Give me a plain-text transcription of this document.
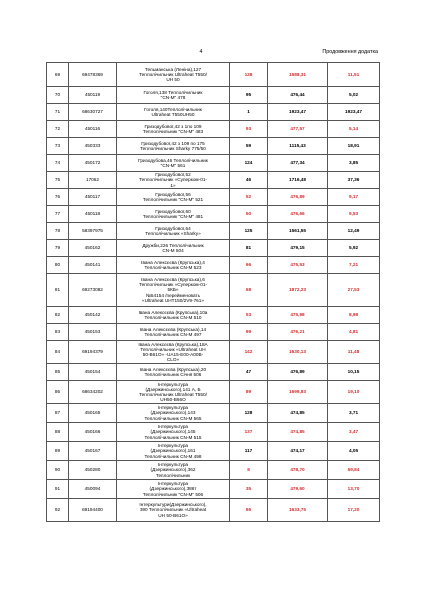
4	Продовження додатка
69	69478369	Тельманська (Леніна),127
Теплолічильник Ultraheat T550/
UH 50	138	1588,31	11,51
70	450119	Гоголя,138 Теплолічильник
"CN-M" 478	95	476,44	5,02
71	68630727	Гоголя,140Теплолічильник
Ultraheat T550UH50	1	1923,47	1923,47
72	450116	Гризодубової,42 з 1по 109
Теплолічильник "CN-M" 483	93	477,57	5,14
73	450333	Гризодубової,42 з 109 по 175
Теплолічильник Sharky 775/50	59	1115,43	18,91
74	450172	Гризодубова,46 Теплолічильник
"CN-M" 561	124	477,34	3,85
75	17062	Гризодубової,52
Теплолічильник «Суперком-01-
1»	46	1716,48	37,36
76	450117	Гризодубової,56
Теплолічильник "CN-M" 521	52	476,89	9,17
77	450118	Гризодубової,60
Теплолічильник "CN-M" 481	50	476,66	9,53
78	58397975	Гризодубової,64
Теплолічильник «Sharky»	125	1561,55	12,49
79	450162	Дружби,226 Теплолічильник
CN-M 504	81	479,15	5,92
80	450141	Івана Алексєєва (Крупська),4
Теплолічильник CN-M 523	66	475,53	7,21
81	69273082	Івана Алексєєва (Крупська),6
Теплолічильник «Суперком-01-
5КБ»
№54154 /перейменовать
«Ultraheat UHT150/2V9-761»	68	1872,23	27,53
82	450142	Івана Алексєєва (Крупська),10а
Теплолічильник CN-M 510	53	475,98	8,98
83	450153	Івана Алексєєва (Крупська),14
Теплолічильник CN-M 497	99	476,21	4,81
84	69194379	Івана Алексєєва (Крупська),18А
Теплолічильник «Ultraheat UH
50-B61O» -UA15-E00-A00B-
CLO»	142	1630,13	11,48
85	450154	Івана Алексєєва (Крупська),20
Теплолічильник Січня 506	47	476,89	10,15
86	68634202	Інтеркультура
(Дзержинського),141 А, Б
Теплолічильник Ultraheat T550/
UH50-B66O	89	1699,83	19,10
87	450165	Інтеркультура
(Дзержинського),143
Теплолічильник CN-M 565	128	474,85	3,71
88	450166	Інтеркультура
(Дзержинського),145
Теплолічильник CN-M 515	137	474,85	3,47
89	450167	Інтеркультура
(Дзержинського),161
Теплолічильник CN-M 498	117	474,17	4,05
90	450280	Інтеркультура
(Дзержинського),362
Теплолічильник	8	478,70	59,84
91	450094	Інтеркультура
(Дзержинського),386т
Теплолічильник "CN-M" 506	35	479,60	13,70
92	69194400	Інтеркультури(Дзержинського),
390 Теплолічильник «Ultraheat
UH 50-B61O»	95	1633,75	17,20
